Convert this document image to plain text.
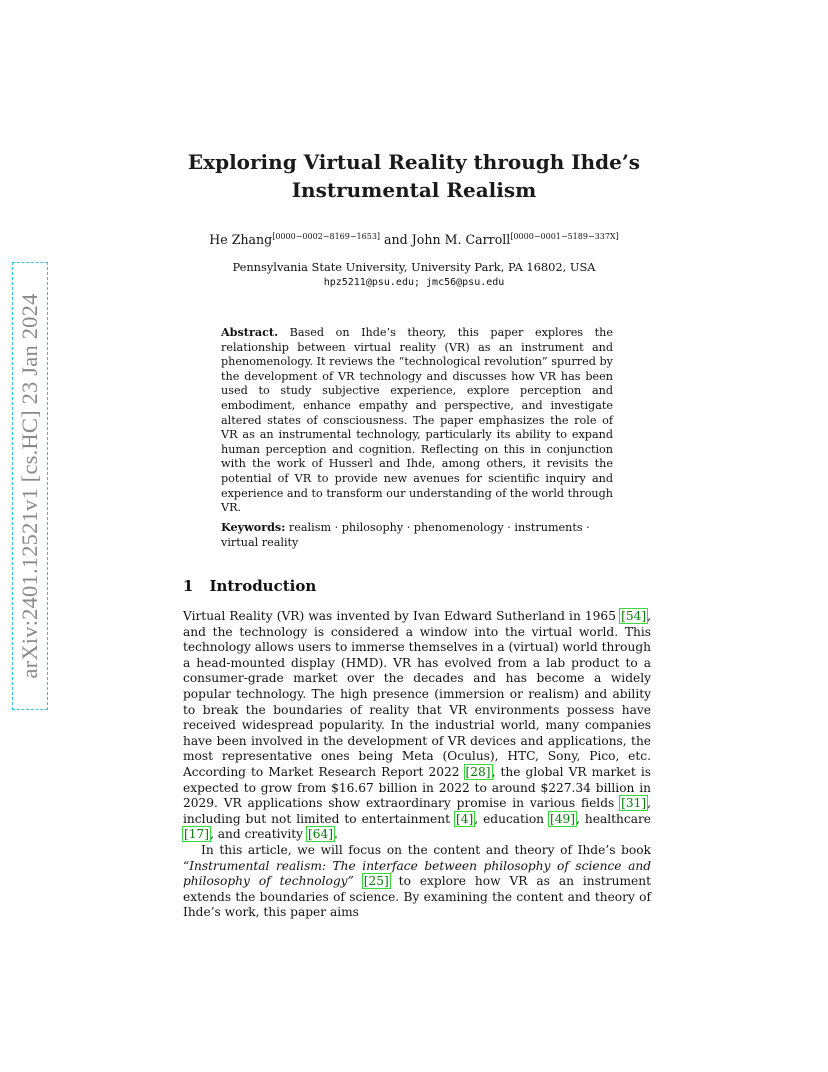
arXiv:2401.12521v1 [cs.HC] 23 Jan 2024
Exploring Virtual Reality through Ihde’s
Instrumental Realism
He Zhang[0000−0002−8169−1653] and John M. Carroll[0000−0001−5189−337X]
Pennsylvania State University, University Park, PA 16802, USA
hpz5211@psu.edu; jmc56@psu.edu
Abstract. Based on Ihde’s theory, this paper explores the relationship between virtual reality (VR) as an instrument and phenomenology. It reviews the “technological revolution” spurred by the development of VR technology and discusses how VR has been used to study subjective experience, explore perception and embodiment, enhance empathy and perspective, and investigate altered states of consciousness. The paper emphasizes the role of VR as an instrumental technology, particularly its ability to expand human perception and cognition. Reflecting on this in conjunction with the work of Husserl and Ihde, among others, it revisits the potential of VR to provide new avenues for scientific inquiry and experience and to transform our understanding of the world through VR.
Keywords: realism · philosophy · phenomenology · instruments · virtual reality
1 Introduction

Virtual Reality (VR) was invented by Ivan Edward Sutherland in 1965 [54], and the technology is considered a window into the virtual world. This technology allows users to immerse themselves in a (virtual) world through a head-mounted display (HMD). VR has evolved from a lab product to a consumer-grade market over the decades and has become a widely popular technology. The high presence (immersion or realism) and ability to break the boundaries of reality that VR environments possess have received widespread popularity. In the industrial world, many companies have been involved in the development of VR devices and applications, the most representative ones being Meta (Oculus), HTC, Sony, Pico, etc. According to Market Research Report 2022 [28], the global VR market is expected to grow from $16.67 billion in 2022 to around $227.34 billion in 2029. VR applications show extraordinary promise in various fields [31], including but not limited to entertainment [4], education [49], healthcare [17], and creativity [64].

In this article, we will focus on the content and theory of Ihde’s book “Instrumental realism: The interface between philosophy of science and philosophy of technology” [25] to explore how VR as an instrument extends the boundaries of science. By examining the content and theory of Ihde’s work, this paper aims
